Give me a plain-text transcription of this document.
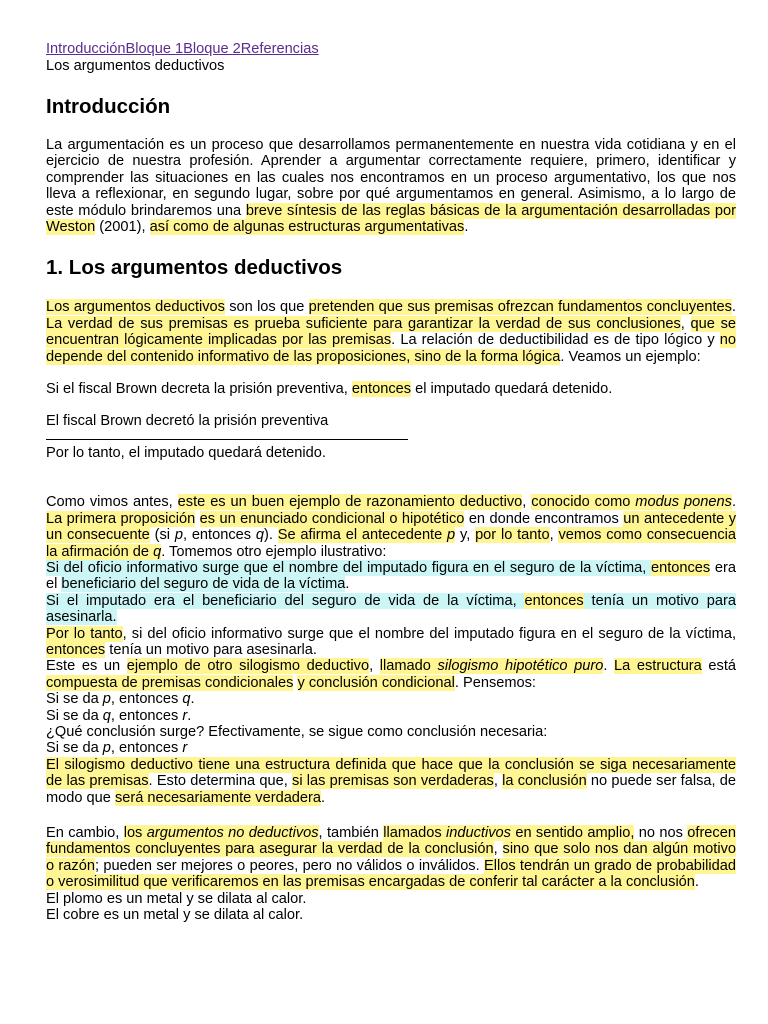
IntroducciónBloque 1Bloque 2Referencias
Los argumentos deductivos
Introducción

La argumentación es un proceso que desarrollamos permanentemente en nuestra vida cotidiana y en el ejercicio de nuestra profesión. Aprender a argumentar correctamente requiere, primero, identificar y comprender las situaciones en las cuales nos encontramos en un proceso argumentativo, los que nos lleva a reflexionar, en segundo lugar, sobre por qué argumentamos en general. Asimismo, a lo largo de este módulo brindaremos una breve síntesis de las reglas básicas de la argumentación desarrolladas por Weston (2001), así como de algunas estructuras argumentativas.

1. Los argumentos deductivos

Los argumentos deductivos son los que pretenden que sus premisas ofrezcan fundamentos concluyentes. La verdad de sus premisas es prueba suficiente para garantizar la verdad de sus conclusiones, que se encuentran lógicamente implicadas por las premisas. La relación de deductibilidad es de tipo lógico y no depende del contenido informativo de las proposiciones, sino de la forma lógica. Veamos un ejemplo:

Si el fiscal Brown decreta la prisión preventiva, entonces el imputado quedará detenido.
El fiscal Brown decretó la prisión preventiva
Por lo tanto, el imputado quedará detenido.

Como vimos antes, este es un buen ejemplo de razonamiento deductivo, conocido como modus ponens. La primera proposición es un enunciado condicional o hipotético en donde encontramos un antecedente y un consecuente (si p, entonces q). Se afirma el antecedente p y, por lo tanto, vemos como consecuencia la afirmación de q. Tomemos otro ejemplo ilustrativo:

Si del oficio informativo surge que el nombre del imputado figura en el seguro de la víctima, entonces era el beneficiario del seguro de vida de la víctima.

Si el imputado era el beneficiario del seguro de vida de la víctima, entonces tenía un motivo para asesinarla.

Por lo tanto, si del oficio informativo surge que el nombre del imputado figura en el seguro de la víctima, entonces tenía un motivo para asesinarla.

Este es un ejemplo de otro silogismo deductivo, llamado silogismo hipotético puro. La estructura está compuesta de premisas condicionales y conclusión condicional. Pensemos:

Si se da p, entonces q.
Si se da q, entonces r.
¿Qué conclusión surge? Efectivamente, se sigue como conclusión necesaria:
Si se da p, entonces r

El silogismo deductivo tiene una estructura definida que hace que la conclusión se siga necesariamente de las premisas. Esto determina que, si las premisas son verdaderas, la conclusión no puede ser falsa, de modo que será necesariamente verdadera.

En cambio, los argumentos no deductivos, también llamados inductivos en sentido amplio, no nos ofrecen fundamentos concluyentes para asegurar la verdad de la conclusión, sino que solo nos dan algún motivo o razón; pueden ser mejores o peores, pero no válidos o inválidos. Ellos tendrán un grado de probabilidad o verosimilitud que verificaremos en las premisas encargadas de conferir tal carácter a la conclusión.

El plomo es un metal y se dilata al calor.
El cobre es un metal y se dilata al calor.
